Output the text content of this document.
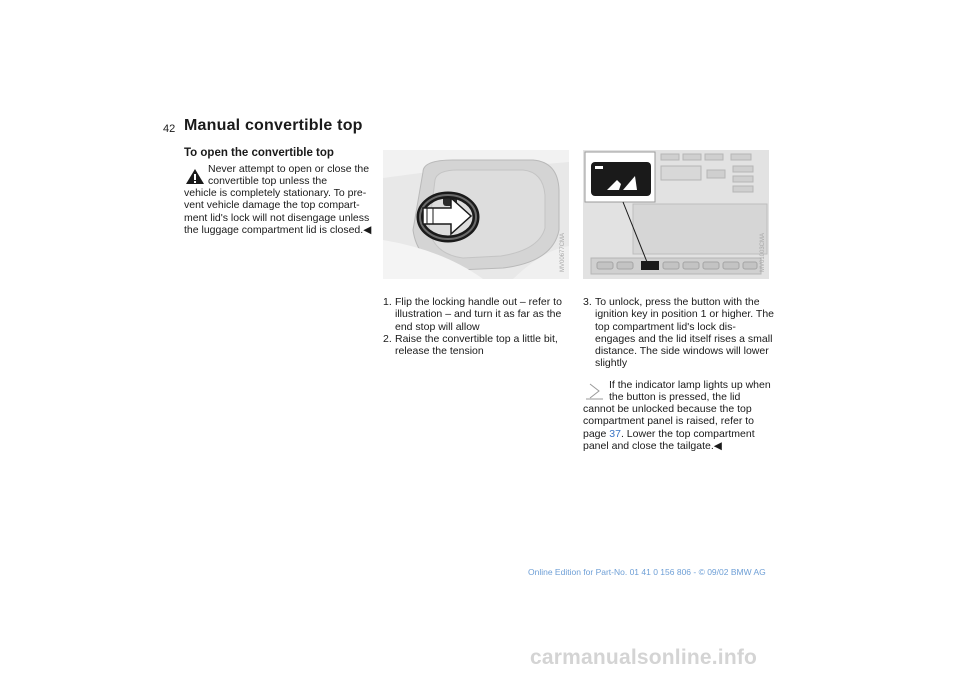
42 Manual convertible top
To open the convertible top
Never attempt to open or close the convertible top unless the
vehicle is completely stationary. To pre-vent vehicle damage the top compart-ment lid's lock will not disengage unless the luggage compartment lid is closed.◀
MV00677CMA	MV01003CMA
1. Flip the locking handle out – refer to illustration – and turn it as far as the end stop will allow
2. Raise the convertible top a little bit, release the tension
3. To unlock, press the button with the ignition key in position 1 or higher. The top compartment lid's lock dis-engages and the lid itself rises a small distance. The side windows will lower slightly
If the indicator lamp lights up when the button is pressed, the lid
cannot be unlocked because the top compartment panel is raised, refer to page 37. Lower the top compartment panel and close the tailgate.◀
Online Edition for Part-No. 01 41 0 156 806 - © 09/02 BMW AG
carmanualsonline.info
